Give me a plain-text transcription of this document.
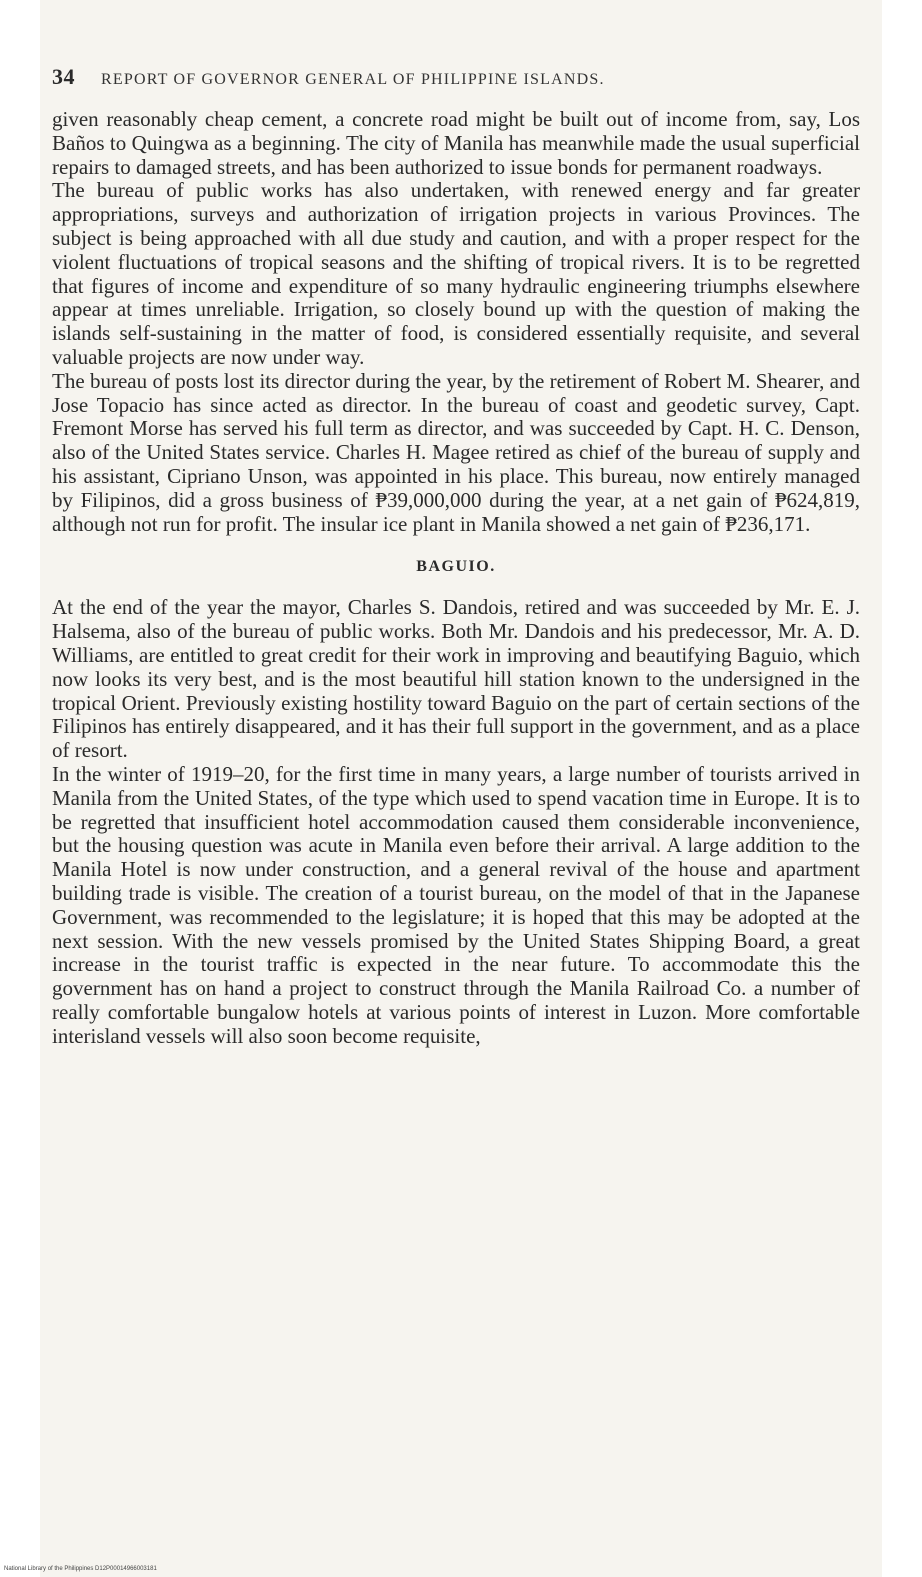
34 REPORT OF GOVERNOR GENERAL OF PHILIPPINE ISLANDS.

given reasonably cheap cement, a concrete road might be built out of income from, say, Los Baños to Quingwa as a beginning. The city of Manila has meanwhile made the usual superficial repairs to damaged streets, and has been authorized to issue bonds for permanent roadways.

The bureau of public works has also undertaken, with renewed energy and far greater appropriations, surveys and authorization of irrigation projects in various Provinces. The subject is being approached with all due study and caution, and with a proper respect for the violent fluctuations of tropical seasons and the shifting of tropical rivers. It is to be regretted that figures of income and expenditure of so many hydraulic engineering triumphs elsewhere appear at times unreliable. Irrigation, so closely bound up with the question of making the islands self-sustaining in the matter of food, is considered essentially requisite, and several valuable projects are now under way.

The bureau of posts lost its director during the year, by the retirement of Robert M. Shearer, and Jose Topacio has since acted as director. In the bureau of coast and geodetic survey, Capt. Fremont Morse has served his full term as director, and was succeeded by Capt. H. C. Denson, also of the United States service. Charles H. Magee retired as chief of the bureau of supply and his assistant, Cipriano Unson, was appointed in his place. This bureau, now entirely managed by Filipinos, did a gross business of ₱39,000,000 during the year, at a net gain of ₱624,819, although not run for profit. The insular ice plant in Manila showed a net gain of ₱236,171.

BAGUIO.

At the end of the year the mayor, Charles S. Dandois, retired and was succeeded by Mr. E. J. Halsema, also of the bureau of public works. Both Mr. Dandois and his predecessor, Mr. A. D. Williams, are entitled to great credit for their work in improving and beautifying Baguio, which now looks its very best, and is the most beautiful hill station known to the undersigned in the tropical Orient. Previously existing hostility toward Baguio on the part of certain sections of the Filipinos has entirely disappeared, and it has their full support in the government, and as a place of resort.

In the winter of 1919–20, for the first time in many years, a large number of tourists arrived in Manila from the United States, of the type which used to spend vacation time in Europe. It is to be regretted that insufficient hotel accommodation caused them considerable inconvenience, but the housing question was acute in Manila even before their arrival. A large addition to the Manila Hotel is now under construction, and a general revival of the house and apartment building trade is visible. The creation of a tourist bureau, on the model of that in the Japanese Government, was recommended to the legislature; it is hoped that this may be adopted at the next session. With the new vessels promised by the United States Shipping Board, a great increase in the tourist traffic is expected in the near future. To accommodate this the government has on hand a project to construct through the Manila Railroad Co. a number of really comfortable bungalow hotels at various points of interest in Luzon. More comfortable interisland vessels will also soon become requisite,

National Library of the Philippines D12P00014966003181
